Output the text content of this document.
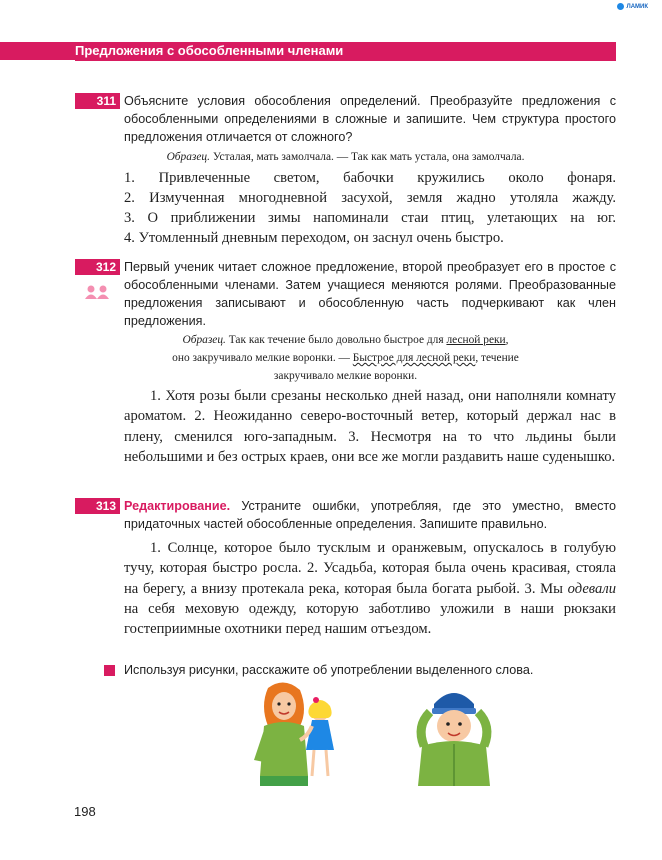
ЛАМИК
Предложения с обособленными членами
311 Объясните условия обособления определений. Преобразуйте предложения с обособленными определениями в сложные и запишите. Чем структура простого предложения отличается от сложного?
Образец. Усталая, мать замолчала. — Так как мать устала, она замолчала.
1. Привлеченные светом, бабочки кружились около фонаря.
2. Измученная многодневной засухой, земля жадно утоляла жажду.
3. О приближении зимы напоминали стаи птиц, улетающих на юг.
4. Утомленный дневным переходом, он заснул очень быстро.
312 Первый ученик читает сложное предложение, второй преобразует его в простое с обособленными членами. Затем учащиеся меняются ролями. Преобразованные предложения записывают и обособленную часть подчеркивают как член предложения.
Образец. Так как течение было довольно быстрое для лесной реки,
оно закручивало мелкие воронки. — Быстрое для лесной реки, течение
закручивало мелкие воронки.
1. Хотя розы были срезаны несколько дней назад, они наполняли комнату ароматом. 2. Неожиданно северо-восточный ветер, который держал нас в плену, сменился юго-западным. 3. Несмотря на то что льдины были небольшими и без острых краев, они все же могли раздавить наше суденышко.
313 Редактирование. Устраните ошибки, употребляя, где это уместно, вместо придаточных частей обособленные определения. Запишите правильно.
1. Солнце, которое было тусклым и оранжевым, опускалось в голубую тучу, которая быстро росла. 2. Усадьба, которая была очень красивая, стояла на берегу, а внизу протекала река, которая была богата рыбой. 3. Мы одевали на себя меховую одежду, которую заботливо уложили в наши рюкзаки гостеприимные охотники перед нашим отъездом.
Используя рисунки, расскажите об употреблении выделенного слова.
198
